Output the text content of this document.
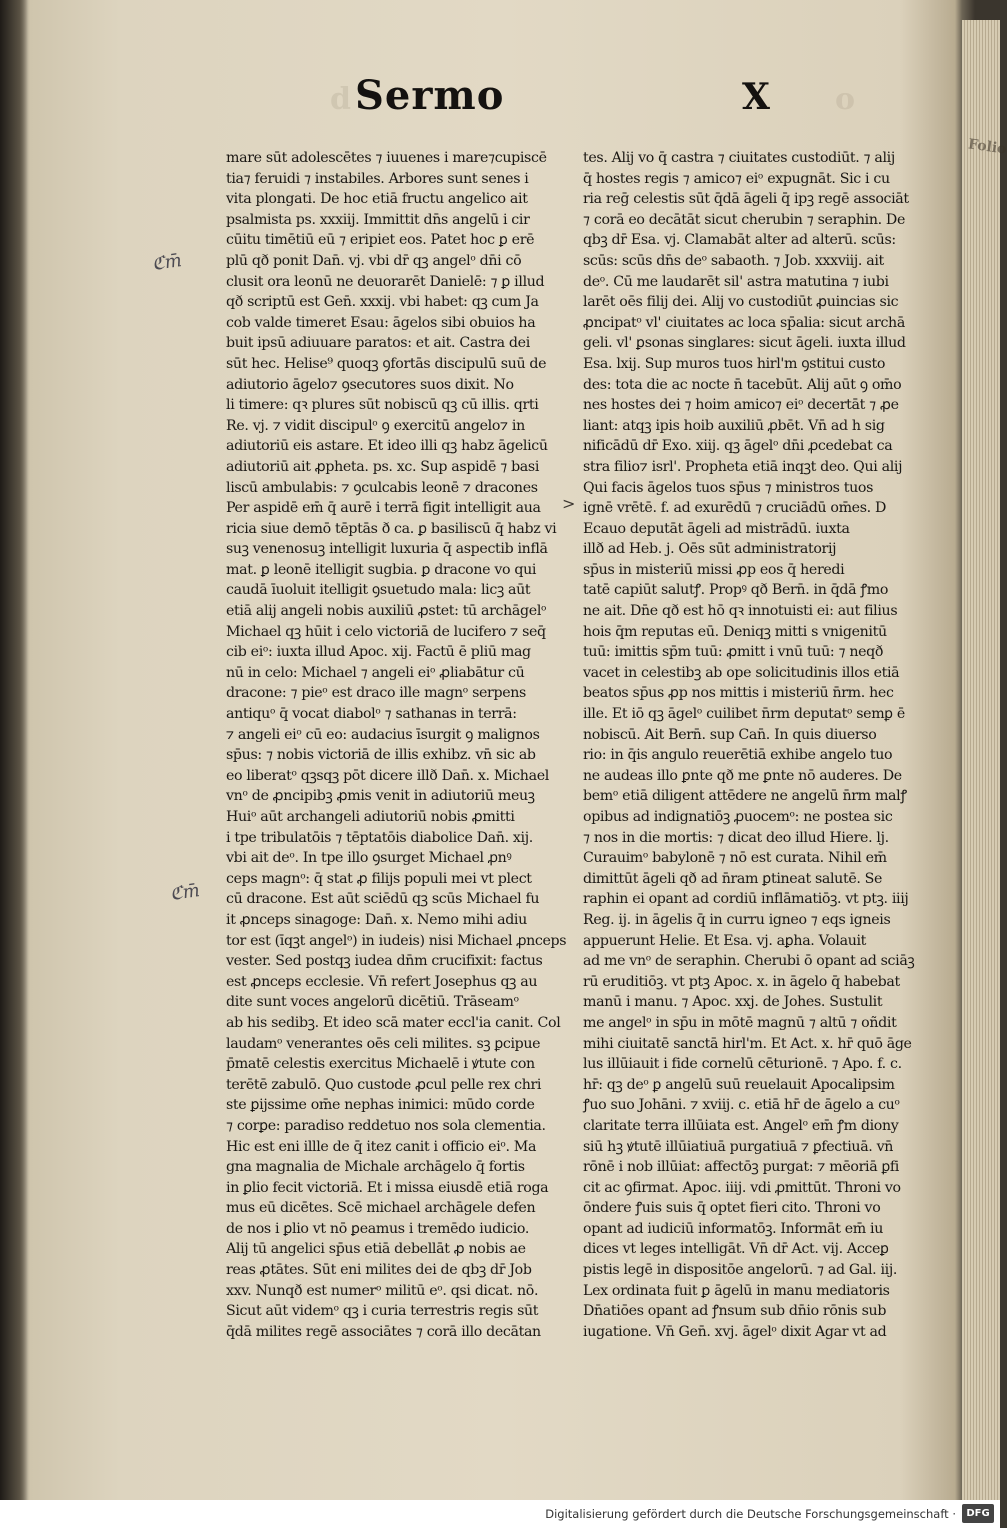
d	o
Sermo	X
mare sūt adolescētes ⁊ iuuenes i mare⁊cupiscē
tia⁊ feruidi ⁊ instabiles. Arbores sunt senes i
vita plongati. De hoc etiā fructu angelico ait
psalmista ps. xxxiij. Immittit dn̄s angelū i cir
cūitu timētiū eū ⁊ eripiet eos. Patet hoc ꝑ erē
plū qð ponit Dan̄. vj. vbi dr̄ qꝫ angelᵒ dn̄i cō
clusit ora leonū ne deuorarēt Danielē: ⁊ ꝑ illud
qð scriptū est Gen̄. xxxij. vbi habet: qꝫ cum Ja
cob valde timeret Esau: āgelos sibi obuios ha
buit ipsū adiuuare paratos: et ait. Castra dei
sūt hec. Helise⁹ quoqꝫ ꝯfortās discipulū suū de
adiutorio āgelo⁊ ꝯsecutores suos dixit. No
li timere: qꝛ plures sūt nobiscū qꝫ cū illis. qrti
Re. vj. ⁊ vidit discipulᵒ ꝯ exercitū angelo⁊ in
adiutoriū eis astare. Et ideo illi qꝫ habz āgelicū
adiutoriū ait ꝓpheta. ps. xc. Sup aspidē ⁊ basi
liscū ambulabis: ⁊ ꝯculcabis leonē ⁊ dracones
Per aspidē em̄ q̄ aurē i terrā figit intelligit aua
ricia siue demō tēptās ð ca. ꝑ basiliscū q̄ habz vi
suꝫ venenosuꝫ intelligit luxuria q̄ aspectib inflā
mat. ꝑ leonē itelligit sugbia. ꝑ dracone vo qui
caudā īuoluit itelligit ꝯsuetudo mala: licꝫ aūt
etiā alij angeli nobis auxiliū ꝓstet: tū archāgelᵒ
Michael qꝫ hūit i celo victoriā de lucifero ⁊ seq̄
cib eiᵒ: iuxta illud Apoc. xij. Factū ē pliū mag
nū in celo: Michael ⁊ angeli eiᵒ ꝓliabātur cū
dracone: ⁊ pieᵒ est draco ille magnᵒ serpens
antiquᵒ q̄ vocat diabolᵒ ⁊ sathanas in terrā:
⁊ angeli eiᵒ cū eo: audacius īsurgit ꝯ malignos
sp̄us: ⁊ nobis victoriā de illis exhibz. vn̄ sic ab
eo liberatᵒ qꝫsqꝫ pōt dicere illð Dan̄. x. Michael
vnᵒ de ꝓncipibꝫ ꝓmis venit in adiutoriū meuꝫ
Huiᵒ aūt archangeli adiutoriū nobis ꝓmitti
i tpe tribulatōis ⁊ tēptatōis diabolice Dan̄. xij.
vbi ait deᵒ. In tpe illo ꝯsurget Michael ꝓnꝰ
ceps magnᵒ: q̄ stat ꝓ filijs populi mei vt plect
cū dracone. Est aūt sciēdū qꝫ scūs Michael fu
it ꝓnceps sinagoge: Dan̄. x. Nemo mihi adiu
tor est (īqꝫt angelᵒ) in iudeis) nisi Michael ꝓnceps
vester. Sed postqꝫ iudea dn̄m crucifixit: factus
est ꝓnceps ecclesie. Vn̄ refert Josephus qꝫ au
dite sunt voces angelorū dicētiū. Trāseamᵒ
ab his sedibꝫ. Et ideo scā mater eccl'ia canit. Col
laudamᵒ venerantes oēs celi milites. sꝫ ꝑcipue
p̄matē celestis exercitus Michaelē i ꝟtute con
terētē zabulō. Quo custode ꝓcul pelle rex chri
ste ꝑijssime om̄e nephas inimici: mūdo corde
⁊ corꝑe: paradiso reddetuo nos sola clementia.
Hic est eni illle de q̄ itez canit i officio eiᵒ. Ma
gna magnalia de Michale archāgelo q̄ fortis
in ꝑlio fecit victoriā. Et i missa eiusdē etiā roga
mus eū dicētes. Scē michael archāgele defen
de nos i ꝑlio vt nō ꝑeamus i tremēdo iudicio.
Alij tū angelici sp̄us etiā debellāt ꝓ nobis ae
reas ꝓtātes. Sūt eni milites dei de qbꝫ dr̄ Job
xxv. Nunqð est numerᵒ militū eᵒ. qsi dicat. nō.
Sicut aūt videmᵒ qꝫ i curia terrestris regis sūt
q̄dā milites regē associātes ⁊ corā illo decātan
tes. Alij vo q̄ castra ⁊ ciuitates custodiūt. ⁊ alij
q̄ hostes regis ⁊ amico⁊ eiᵒ expugnāt. Sic i cu
ria reḡ celestis sūt q̄dā āgeli q̄ ipꝫ regē associāt
⁊ corā eo decātāt sicut cherubin ⁊ seraphin. De
qbꝫ dr̄ Esa. vj. Clamabāt alter ad alterū. scūs:
scūs: scūs dn̄s deᵒ sabaoth. ⁊ Job. xxxviij. ait
deᵒ. Cū me laudarēt sil' astra matutina ⁊ iubi
larēt oēs filij dei. Alij vo custodiūt ꝓuincias sic
ꝓncipatᵒ vl' ciuitates ac loca sp̄alia: sicut archā
geli. vl' ꝑsonas singlares: sicut āgeli. iuxta illud
Esa. lxij. Sup muros tuos hirl'm ꝯstitui custo
des: tota die ac nocte n̄ tacebūt. Alij aūt ꝯ om̄o
nes hostes dei ⁊ hoim amico⁊ eiᵒ decertāt ⁊ ꝓe
liant: atqꝫ ipis hoib auxiliū ꝓbēt. Vn̄ ad h sig
nificādū dr̄ Exo. xiij. qꝫ āgelᵒ dn̄i ꝓcedebat ca
stra filio⁊ isrl'. Propheta etiā inqꝫt deo. Qui alij
Qui facis āgelos tuos sp̄us ⁊ ministros tuos
ignē vrētē. f. ad exurēdū ⁊ cruciādū om̄es. D
Ecauo deputāt āgeli ad mistrādū. iuxta
illð ad Heb. j. Oēs sūt administratorij
sp̄us in misteriū missi ꝓp eos q̄ heredi
tatē capiūt salutꝭ. Propꝰ qð Bern̄. in q̄dā ꝭmo
ne ait. Dn̄e qð est hō qꝛ innotuisti ei: aut filius
hois q̄m reputas eū. Deniqꝫ mitti s vnigenitū
tuū: imittis sp̄m tuū: ꝓmitt i vnū tuū: ⁊ neqð
vacet in celestibꝫ ab ope solicitudinis illos etiā
beatos sp̄us ꝓp nos mittis i misteriū n̄rm. hec
ille. Et iō qꝫ āgelᵒ cuilibet n̄rm deputatᵒ semꝑ ē
nobiscū. Ait Bern̄. sup Can̄. In quis diuerso
rio: in q̄is angulo reuerētiā exhibe angelo tuo
ne audeas illo ꝑnte qð me ꝑnte nō auderes. De
bemᵒ etiā diligent attēdere ne angelū n̄rm malꝭ
opibus ad indignatiōꝫ ꝓuocemᵒ: ne postea sic
⁊ nos in die mortis: ⁊ dicat deo illud Hiere. lj.
Curauimᵒ babylonē ⁊ nō est curata. Nihil em̄
dimittūt āgeli qð ad n̄ram ꝑtineat salutē. Se
raphin ei opant ad cordiū inflāmatiōꝫ. vt ptꝫ. iiij
Reg. ij. in āgelis q̄ in curru igneo ⁊ eqs igneis
appuerunt Helie. Et Esa. vj. aꝑha. Volauit
ad me vnᵒ de seraphin. Cherubi ō opant ad sciāꝫ
rū eruditiōꝫ. vt ptꝫ Apoc. x. in āgelo q̄ habebat
manū i manu. ⁊ Apoc. xxj. de Johes. Sustulit
me angelᵒ in sp̄u in mōtē magnū ⁊ altū ⁊ oñdit
mihi ciuitatē sanctā hirl'm. Et Act. x. hr̄ quō āge
lus illūiauit i fide cornelū cēturionē. ⁊ Apo. f. c.
hr̄: qꝫ deᵒ ꝑ angelū suū reuelauit Apocalipsim
ꝭuo suo Johāni. ⁊ xviij. c. etiā hr̄ de āgelo a cuᵒ
claritate terra illūiata est. Angelᵒ em̄ ꝭm diony
siū hꝫ ꝟtutē illūiatiuā purgatiuā ⁊ ꝑfectiuā. vn̄
rōnē i nob illūiat: affectōꝫ purgat: ⁊ mēoriā ꝑfi
cit ac ꝯfirmat. Apoc. iiij. vdi ꝓmittūt. Throni vo
ōndere ꝭuis suis q̄ optet fieri cito. Throni vo
opant ad iudiciū informatōꝫ. Informāt em̄ iu
dices vt leges intelligāt. Vn̄ dr̄ Act. vij. Acceꝑ
pistis legē in dispositōe angelorū. ⁊ ad Gal. iij.
Lex ordinata fuit ꝑ āgelū in manu mediatoris
Dn̄atiōes opant ad ꝭnsum sub dn̄io rōnis sub
iugatione. Vn̄ Gen̄. xvj. āgelᵒ dixit Agar vt ad
ℭm̄
ℭm̄
>
Folio
Digitalisierung gefördert durch die Deutsche Forschungsgemeinschaft ·	DFG
